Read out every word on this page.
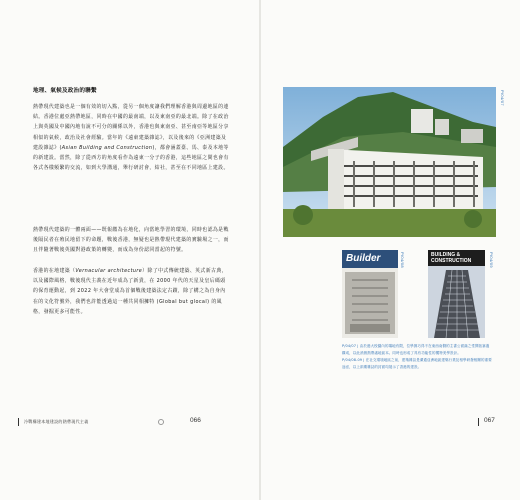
地理、氣候及政治的聯繫
熱帶現代建築也是一個有效的切入點，從另一個角度讓我們理解香港與周邊地區的連結。香港位處亞熱帶地區，同時在中國的最南端，以及東南亞的最北端。除了在政治上與英國及中國內地有說不可分的關係以外，香港也與東南亞、甚至南亞等地區分享相似的氣候，政治及社會經驗。當年的《遠東建築雜誌》，以及後來的《亞洲建築及建設雜誌》(Asian Building and Construction)，都會涵蓋臺、馬、泰及本地等的新建設。當然，除了從西方的角度看作為遠東一分子的香港，這些地區之間也會有各式各樣頻繁的交流，如到大學溝通，舉行研討會，結社，甚至在不同地區上建設。
熱帶現代建築的一體兩面——既報繳為在地化，向當地學習的環境，同時也認為是戰後隔民者在殖民地留下的命題，戰後香港，無疑也是熱帶現代建築的實驗場之一，而且伴隨著戰後英國對港政策的轉變，而成為身份認同當起的符號。
香港的在地建築（Vernacular architecture）除了中式傳統建築、英式新古典，以及國際風格，戰後現代主義在近年成為了新貴，在 2000 年代的天星及皇后碼頭的保育運動起，到 2022 年大會堂成為首個戰後建築法定古蹟，除了構之為自身內在的文化符號外，我們也許能透過這一種共同相擁特 (Global but glocal) 的風格，發掘更多可能性。
冷戰構建本地建設的熱帶現代主義	066
P/04/07
Builder	P/04/08	BUILDING & CONSTRUCTION	P/04/09
P/04/07 | 由於港大校園內的場地有限，位學據巧得不在東西南側的主書公面滿之堂開拓塞過構成，以此消納熱帶處地區本。同時也形成了具有功能性的獨特美學設計。
P/04/08-09 | 在社交環境地區之前，建築雜誌是溝通亞洲地區建築行業及相學研發相關的重要途徑，以上兩期雜誌的封面均展示了香港的建設。
067
